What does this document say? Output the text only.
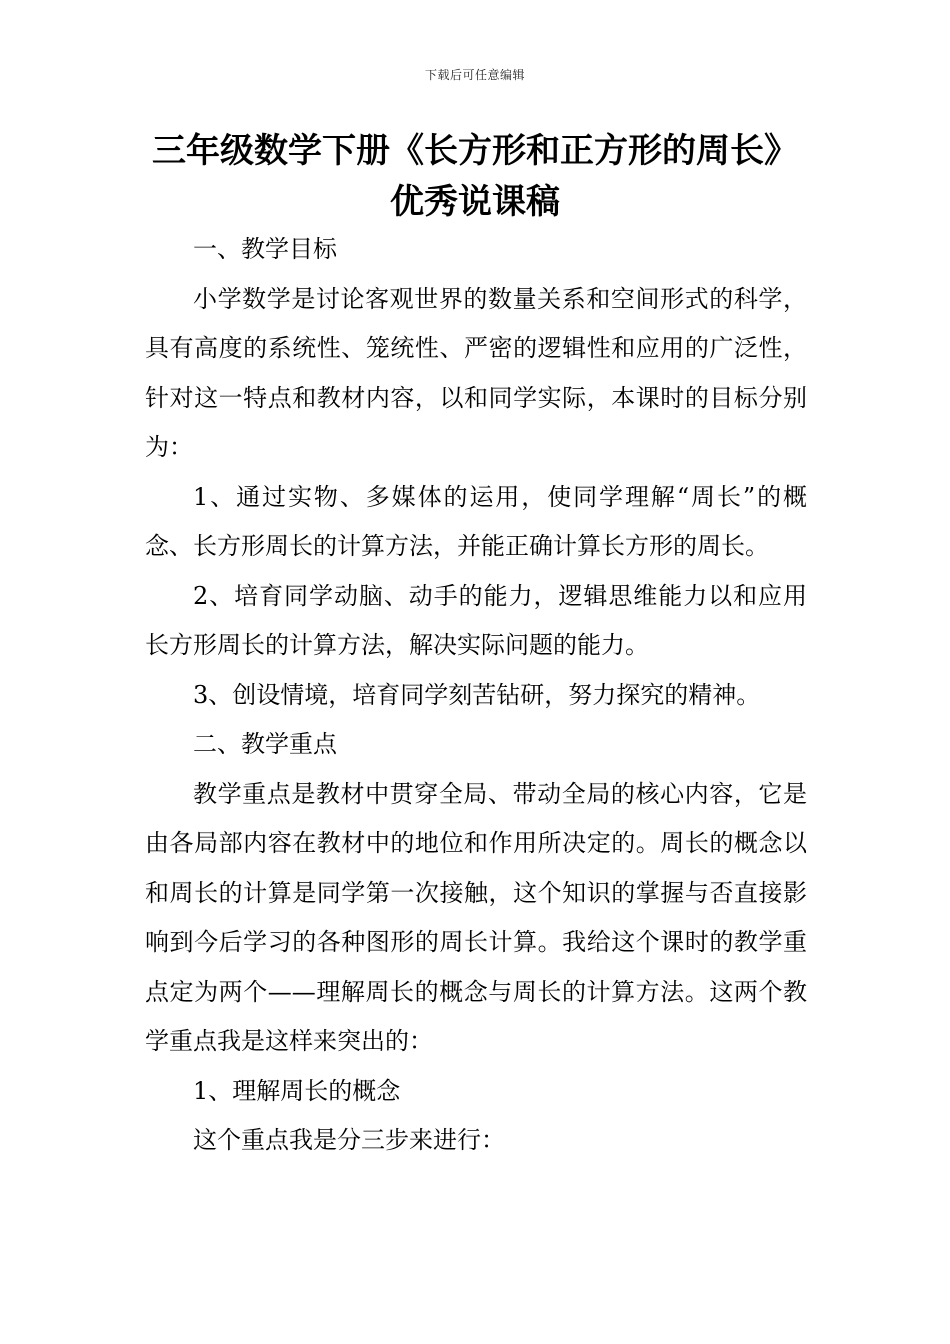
下载后可任意编辑
三年级数学下册《长方形和正方形的周长》优秀说课稿

一、教学目标

小学数学是讨论客观世界的数量关系和空间形式的科学，具有高度的系统性、笼统性、严密的逻辑性和应用的广泛性，针对这一特点和教材内容，以和同学实际，本课时的目标分别为：

1、通过实物、多媒体的运用，使同学理解“周长”的概念、长方形周长的计算方法，并能正确计算长方形的周长。

2、培育同学动脑、动手的能力，逻辑思维能力以和应用长方形周长的计算方法，解决实际问题的能力。

3、创设情境，培育同学刻苦钻研，努力探究的精神。

二、教学重点

教学重点是教材中贯穿全局、带动全局的核心内容，它是由各局部内容在教材中的地位和作用所决定的。周长的概念以和周长的计算是同学第一次接触，这个知识的掌握与否直接影响到今后学习的各种图形的周长计算。我给这个课时的教学重点定为两个——理解周长的概念与周长的计算方法。这两个教学重点我是这样来突出的：

1、理解周长的概念

这个重点我是分三步来进行：
